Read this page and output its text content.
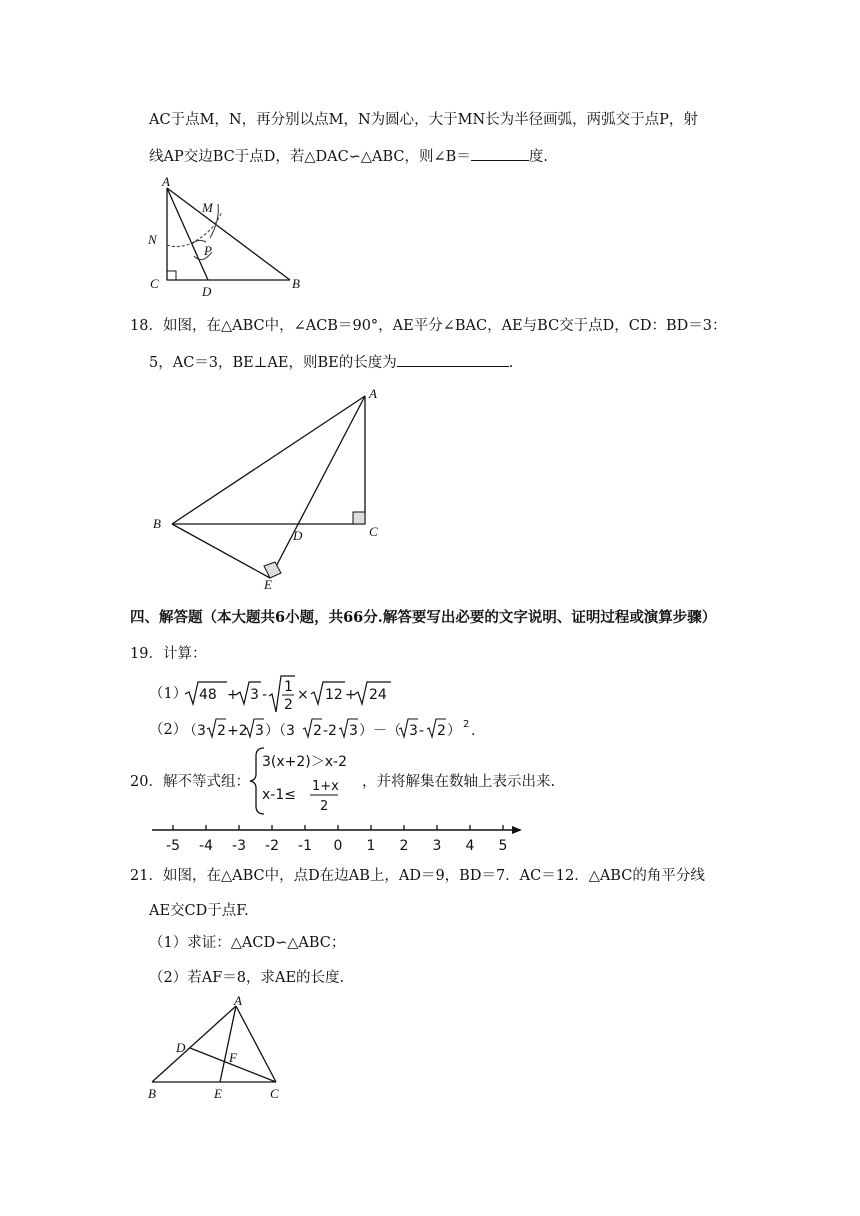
AC于点M，N，再分别以点M，N为圆心，大于MN长为半径画弧，两弧交于点P，射
线AP交边BC于点D，若△DAC∽△ABC，则∠B＝	度.
A
M
N
P
C
D
B
18．如图，在△ABC中，∠ACB＝90°，AE平分∠BAC，AE与BC交于点D，CD：BD＝3：
5，AC＝3，BE⊥AE，则BE的长度为	.
A
B
C
D
E
四、解答题（本大题共6小题，共66分.解答要写出必要的文字说明、证明过程或演算步骤）
19．计算：
（1） 48 + 3 - 1
2
× 12 + 24
（2）
（3 2 +2 3 ）（3 2 -2 3 ）－（ 3 - 2 ） 2 .
20．解不等式组：
3(x+2)＞x-2
x-1≤
1+x
2
，并将解集在数轴上表示出来.
-5 -4 -3 -2 -1 0 1 2 3 4 5
21．如图，在△ABC中，点D在边AB上，AD＝9，BD＝7．AC＝12．△ABC的角平分线
AE交CD于点F.
（1）求证：△ACD∽△ABC；
（2）若AF＝8，求AE的长度.
A
D
F
B	E	C
